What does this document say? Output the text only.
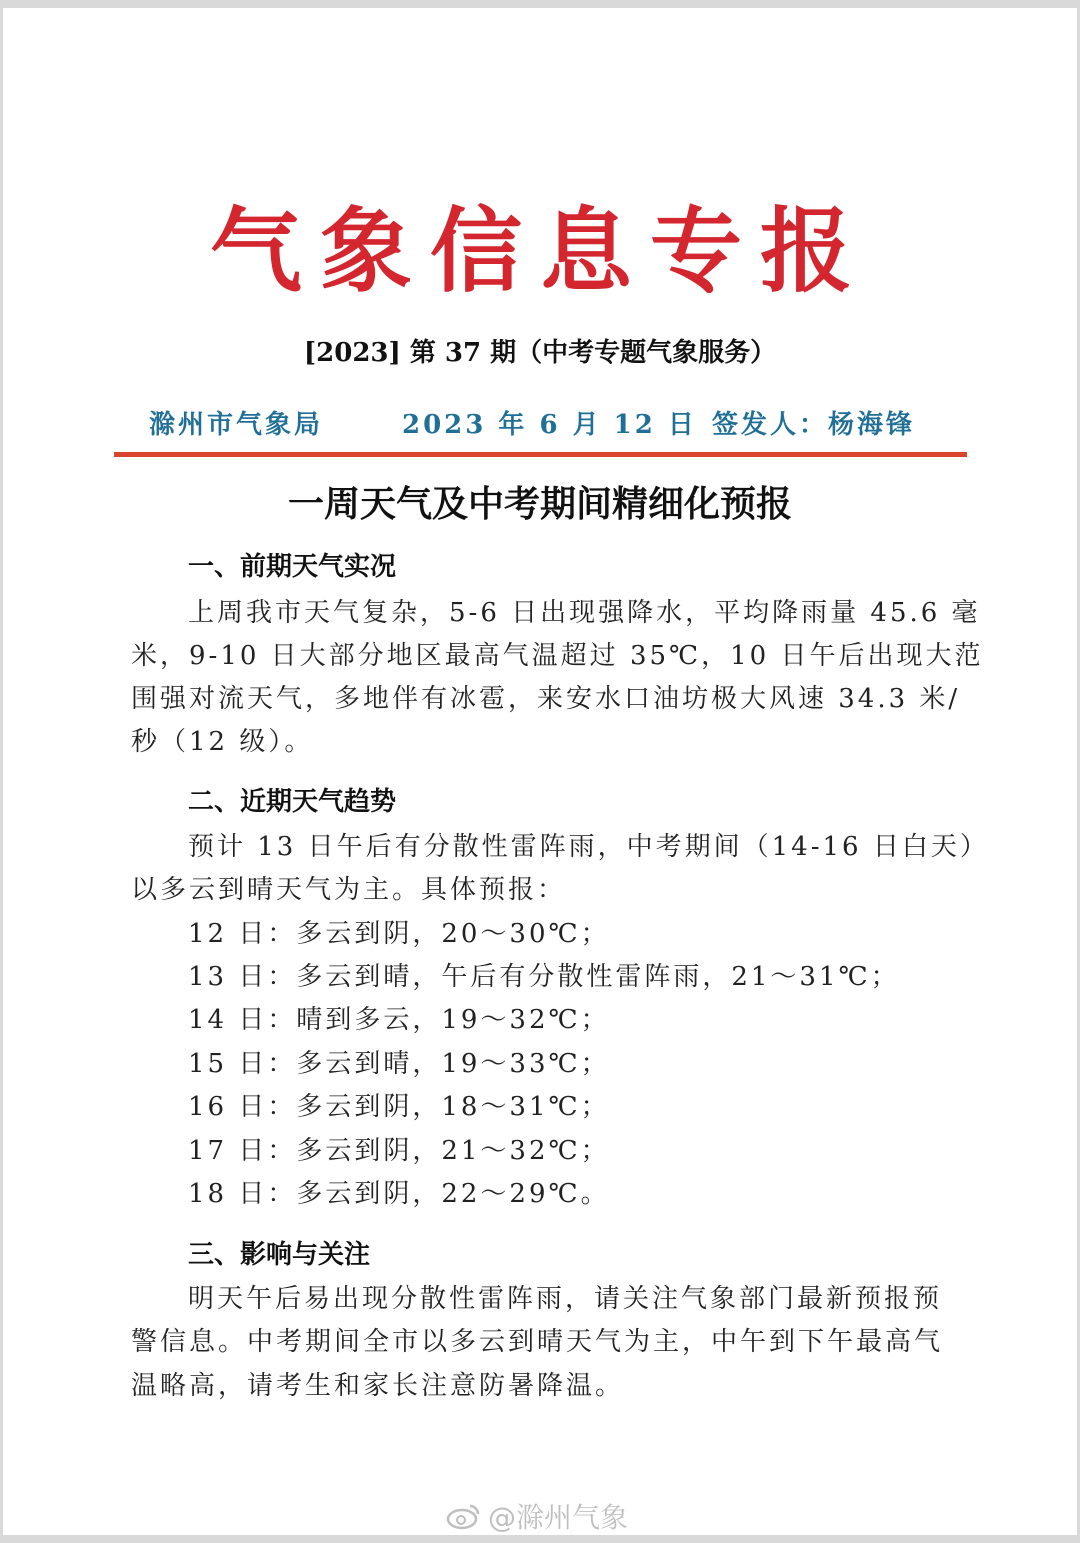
气象信息专报
[2023] 第 37 期（中考专题气象服务）
滁州市气象局	2023 年 6 月 12 日 签发人：杨海锋
一周天气及中考期间精细化预报
一、前期天气实况
上周我市天气复杂，5-6 日出现强降水，平均降雨量 45.6 毫
米，9-10 日大部分地区最高气温超过 35℃，10 日午后出现大范
围强对流天气，多地伴有冰雹，来安水口油坊极大风速 34.3 米/
秒（12 级）。
二、近期天气趋势
预计 13 日午后有分散性雷阵雨，中考期间（14-16 日白天）
以多云到晴天气为主。具体预报：
12 日：多云到阴，20～30℃；
13 日：多云到晴，午后有分散性雷阵雨，21～31℃；
14 日：晴到多云，19～32℃；
15 日：多云到晴，19～33℃；
16 日：多云到阴，18～31℃；
17 日：多云到阴，21～32℃；
18 日：多云到阴，22～29℃。
三、影响与关注
明天午后易出现分散性雷阵雨，请关注气象部门最新预报预
警信息。中考期间全市以多云到晴天气为主，中午到下午最高气
温略高，请考生和家长注意防暑降温。
@滁州气象
